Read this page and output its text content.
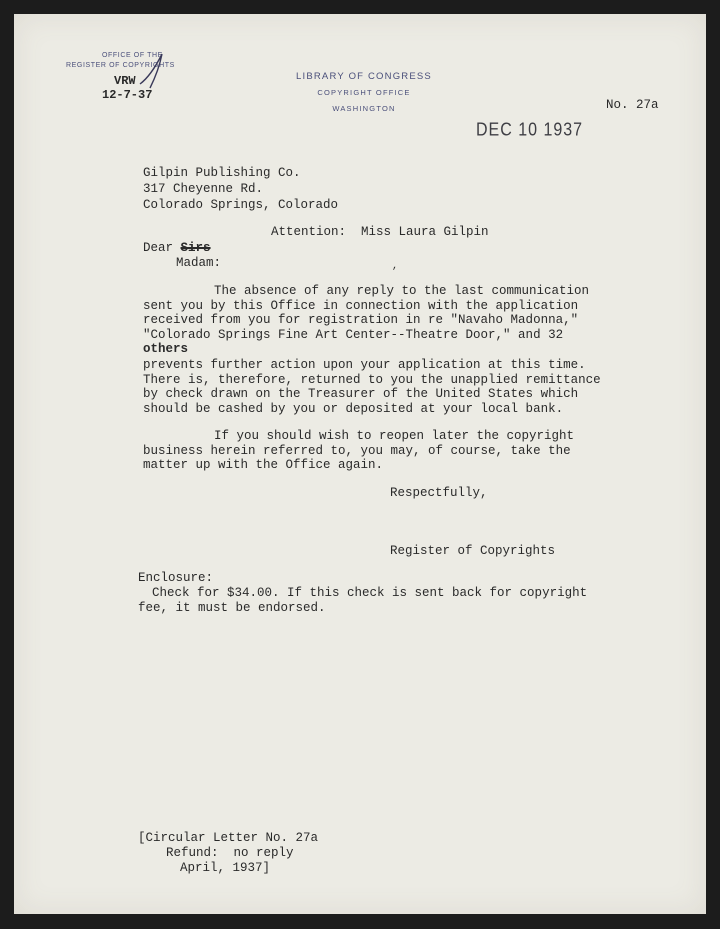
OFFICE OF THE
REGISTER OF COPYRIGHTS
VRW
12-7-37
LIBRARY OF CONGRESS
COPYRIGHT OFFICE
WASHINGTON	No. 27a
DEC 10 1937
Gilpin Publishing Co.
317 Cheyenne Rd.
Colorado Springs, Colorado
Attention:  Miss Laura Gilpin
Dear Sirs
Madam:	,
The absence of any reply to the last communication
sent you by this Office in connection with the application
received from you for registration in re "Navaho Madonna,"
"Colorado Springs Fine Art Center--Theatre Door," and 32
others
prevents further action upon your application at this time.
There is, therefore, returned to you the unapplied remittance
by check drawn on the Treasurer of the United States which
should be cashed by you or deposited at your local bank.
If you should wish to reopen later the copyright
business herein referred to, you may, of course, take the
matter up with the Office again.
Respectfully,
Register of Copyrights
Enclosure:
Check for $34.00. If this check is sent back for copyright
fee, it must be endorsed.
[Circular Letter No. 27a
Refund:  no reply
April, 1937]
